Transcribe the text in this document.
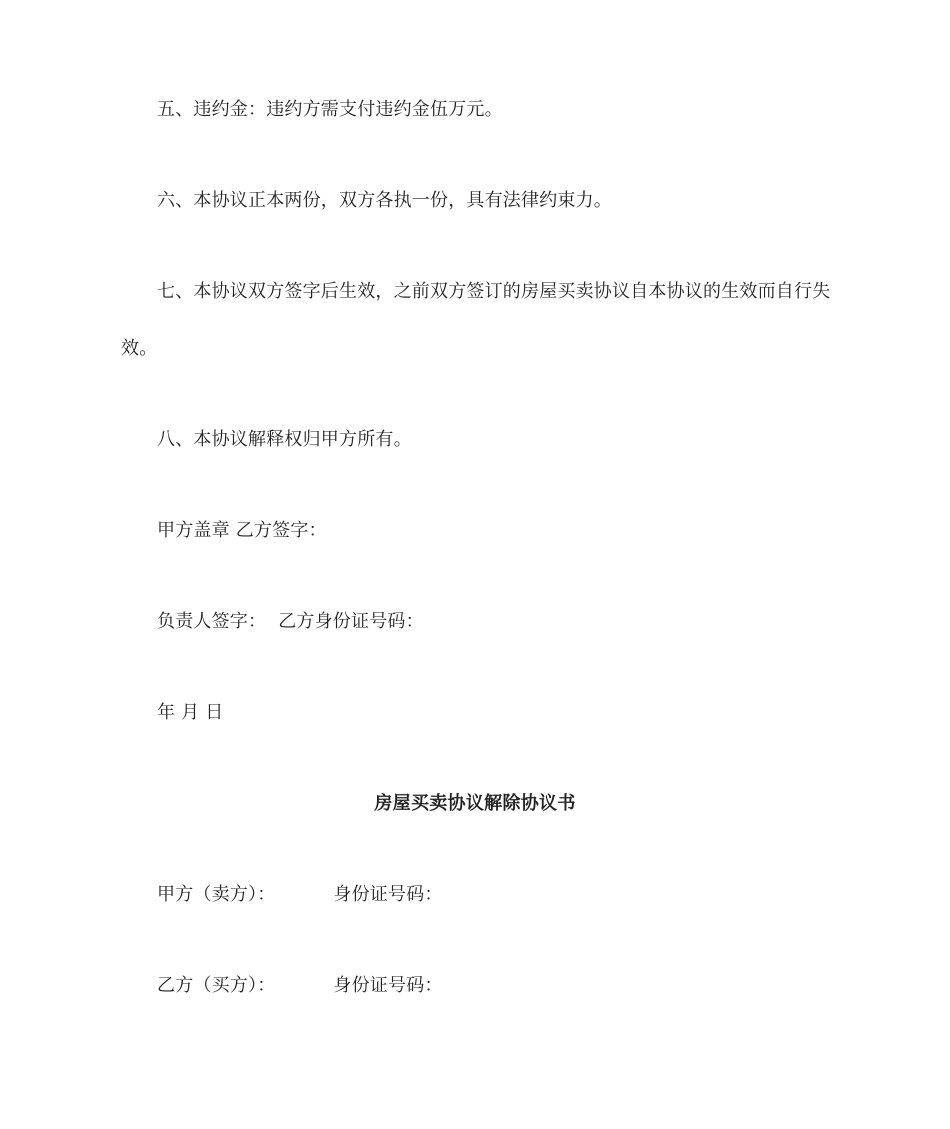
五、违约金：违约方需支付违约金伍万元。
六、本协议正本两份，双方各执一份，具有法律约束力。
七、本协议双方签字后生效，之前双方签订的房屋买卖协议自本协议的生效而自行失
效。
八、本协议解释权归甲方所有。
甲方盖章 乙方签字：
负责人签字： 乙方身份证号码：
年 月 日
房屋买卖协议解除协议书
甲方（卖方）：	身份证号码：
乙方（买方）：	身份证号码：
